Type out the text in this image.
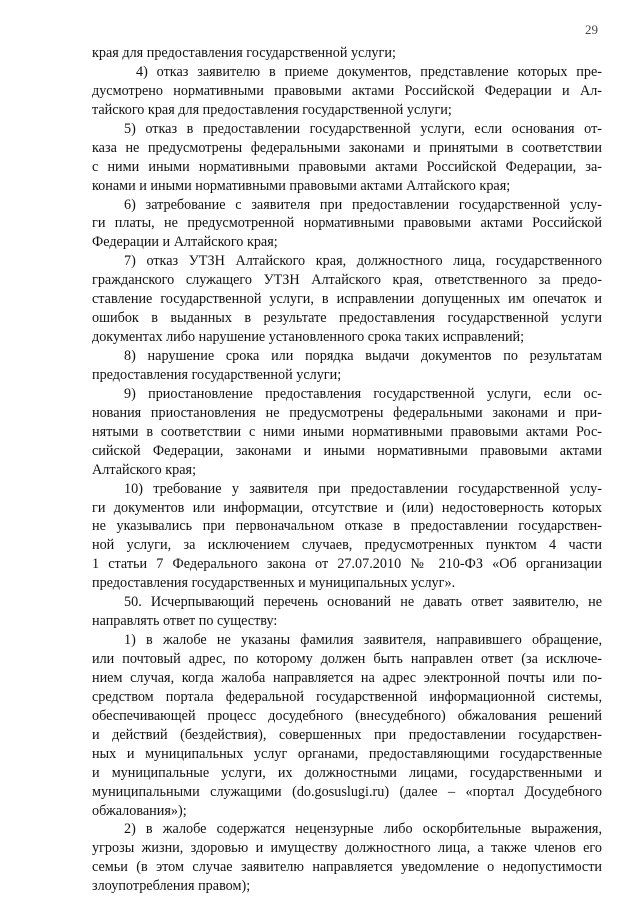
29
края для предоставления государственной услуги;
4) отказ заявителю в приеме документов, представление которых пре-
дусмотрено нормативными правовыми актами Российской Федерации и Ал-
тайского края для предоставления государственной услуги;
5) отказ в предоставлении государственной услуги, если основания от-
каза не предусмотрены федеральными законами и принятыми в соответствии
с ними иными нормативными правовыми актами Российской Федерации, за-
конами и иными нормативными правовыми актами Алтайского края;
6) затребование с заявителя при предоставлении государственной услу-
ги платы, не предусмотренной нормативными правовыми актами Российской
Федерации и Алтайского края;
7) отказ УТЗН Алтайского края, должностного лица, государственного
гражданского служащего УТЗН Алтайского края, ответственного за предо-
ставление государственной услуги, в исправлении допущенных им опечаток и
ошибок в выданных в результате предоставления государственной услуги
документах либо нарушение установленного срока таких исправлений;
8) нарушение срока или порядка выдачи документов по результатам
предоставления государственной услуги;
9) приостановление предоставления государственной услуги, если ос-
нования приостановления не предусмотрены федеральными законами и при-
нятыми в соответствии с ними иными нормативными правовыми актами Рос-
сийской Федерации, законами и иными нормативными правовыми актами
Алтайского края;
10) требование у заявителя при предоставлении государственной услу-
ги документов или информации, отсутствие и (или) недостоверность которых
не указывались при первоначальном отказе в предоставлении государствен-
ной услуги, за исключением случаев, предусмотренных пунктом 4 части
1 статьи 7 Федерального закона от 27.07.2010 № 210-ФЗ «Об организации
предоставления государственных и муниципальных услуг».
50. Исчерпывающий перечень оснований не давать ответ заявителю, не
направлять ответ по существу:
1) в жалобе не указаны фамилия заявителя, направившего обращение,
или почтовый адрес, по которому должен быть направлен ответ (за исключе-
нием случая, когда жалоба направляется на адрес электронной почты или по-
средством портала федеральной государственной информационной системы,
обеспечивающей процесс досудебного (внесудебного) обжалования решений
и действий (бездействия), совершенных при предоставлении государствен-
ных и муниципальных услуг органами, предоставляющими государственные
и муниципальные услуги, их должностными лицами, государственными и
муниципальными служащими (do.gosuslugi.ru) (далее – «портал Досудебного
обжалования»);
2) в жалобе содержатся нецензурные либо оскорбительные выражения,
угрозы жизни, здоровью и имуществу должностного лица, а также членов его
семьи (в этом случае заявителю направляется уведомление о недопустимости
злоупотребления правом);
